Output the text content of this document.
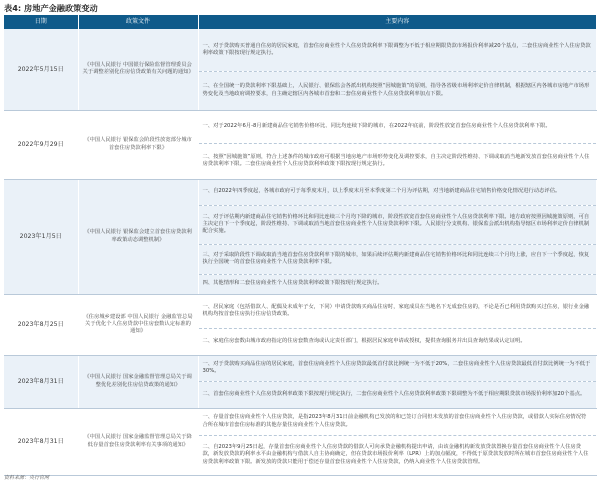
表4: 房地产金融政策变动
日期	政策文件	主要内容
2022年5月15日	《中国人民银行 中国银行保险监督管理委员会关于调整差别化住房信贷政策有关问题的通知》	一、对于贷款购买普通自住房的居民家庭，首套住房商业性个人住房贷款利率下限调整为不低于相应期限贷款市场报价利率减20个基点，二套住房商业性个人住房贷款利率政策下限按现行规定执行。
		二、在全国统一的贷款利率下限基础上，人民银行、银保监会各派出机构按照“因城施策”的原则，指导各省级市场利率定价自律机制，根据辖区内各城市房地产市场形势变化及当地政府调控要求，自主确定辖区内各城市首套和二套住房商业性个人住房贷款利率加点下限。
2022年9月29日	《中国人民银行 银保监会阶段性放宽部分城市首套住房贷款利率下限》	一、对于2022年6月-8月新建商品住宅销售价格环比、同比均连续下降的城市，在2022年底前，阶段性放宽首套住房商业性个人住房贷款利率下限。
		二、按照“因城施策”原则，符合上述条件的城市政府可根据当地房地产市场形势变化及调控要求，自主决定阶段性维持、下调或取消当地新发放首套住房商业性个人住房贷款利率下限。二套住房商业性个人住房贷款利率政策下限按现行规定执行。
2023年1月5日	《中国人民银行 银保监会建立首套住房贷款利率政策动态调整机制》	一、自2022年四季度起，各城市政府可于每季度末月，以上季度末月至本季度第二个月为评估期，对当地新建商品住宅销售价格变化情况进行动态评估。
		二、对于评估期内新建商品住宅销售价格环比和同比连续三个月均下降的城市，阶段性放宽首套住房商业性个人住房贷款利率下限。地方政府按照因城施策原则，可自主决定自下一个季度起，阶段性维持、下调或取消当地首套住房商业性个人住房贷款利率下限。人民银行分支机构、银保监会派出机构指导辖区市场利率定价自律机制配合实施。
		三、对于采取阶段性下调或取消当地首套住房贷款利率下限的城市，如果后续评估期内新建商品住宅销售价格环比和同比连续三个月均上涨，应自下一个季度起，恢复执行全国统一的首套住房商业性个人住房贷款利率下限。
		四、其他情形和二套住房商业性个人住房贷款利率政策下限按现行规定执行。
2023年8月25日	《住房城乡建设部 中国人民银行 金融监管总局关于优化个人住房贷款中住房套数认定标准的通知》	一、居民家庭（包括借款人、配偶及未成年子女，下同）申请贷款购买商品住房时，家庭成员在当地名下无成套住房的，不论是否已利用贷款购买过住房，银行业金融机构均按首套住房执行住房信贷政策。
		二、家庭住房套数由城市政府指定的住房套数查询或认定责任部门，根据居民家庭申请或授权，提供查询服务并出具查询结果或认定证明。
2023年8月31日	《中国人民银行 国家金融监督管理总局关于调整优化差别化住房信贷政策的通知》	一、对于贷款购买商品住房的居民家庭，首套住房商业性个人住房贷款最低首付款比例统一为不低于20%，二套住房商业性个人住房贷款最低首付款比例统一为不低于30%。
		二、首套住房商业性个人住房贷款利率政策下限按现行规定执行，二套住房商业性个人住房贷款利率政策下限调整为不低于相应期限贷款市场报价利率加20个基点。
2023年8月31日	《中国人民银行 国家金融监督管理总局关于降低存量首套住房贷款利率有关事项的通知》	一、存量首套住房商业性个人住房贷款，是指2023年8月31日前金融机构已发放的和已签订合同但未发放的首套住房商业性个人住房贷款，或借款人实际住房情况符合所在城市首套住房标准的其他存量住房商业性个人住房贷款。
		二、自2023年9月25日起，存量首套住房商业性个人住房贷款的借款人可向承贷金融机构提出申请，由该金融机构新发放贷款置换存量首套住房商业性个人住房贷款，新发放贷款的利率水平由金融机构与借款人自主协商确定，但在贷款市场报价利率（LPR）上的加点幅度，不得低于原贷款发放时所在城市首套住房商业性个人住房贷款利率政策下限。新发放的贷款只能用于偿还存量首套住房商业性个人住房贷款，仍纳入商业性个人住房贷款管理。
资料来源：央行官网
